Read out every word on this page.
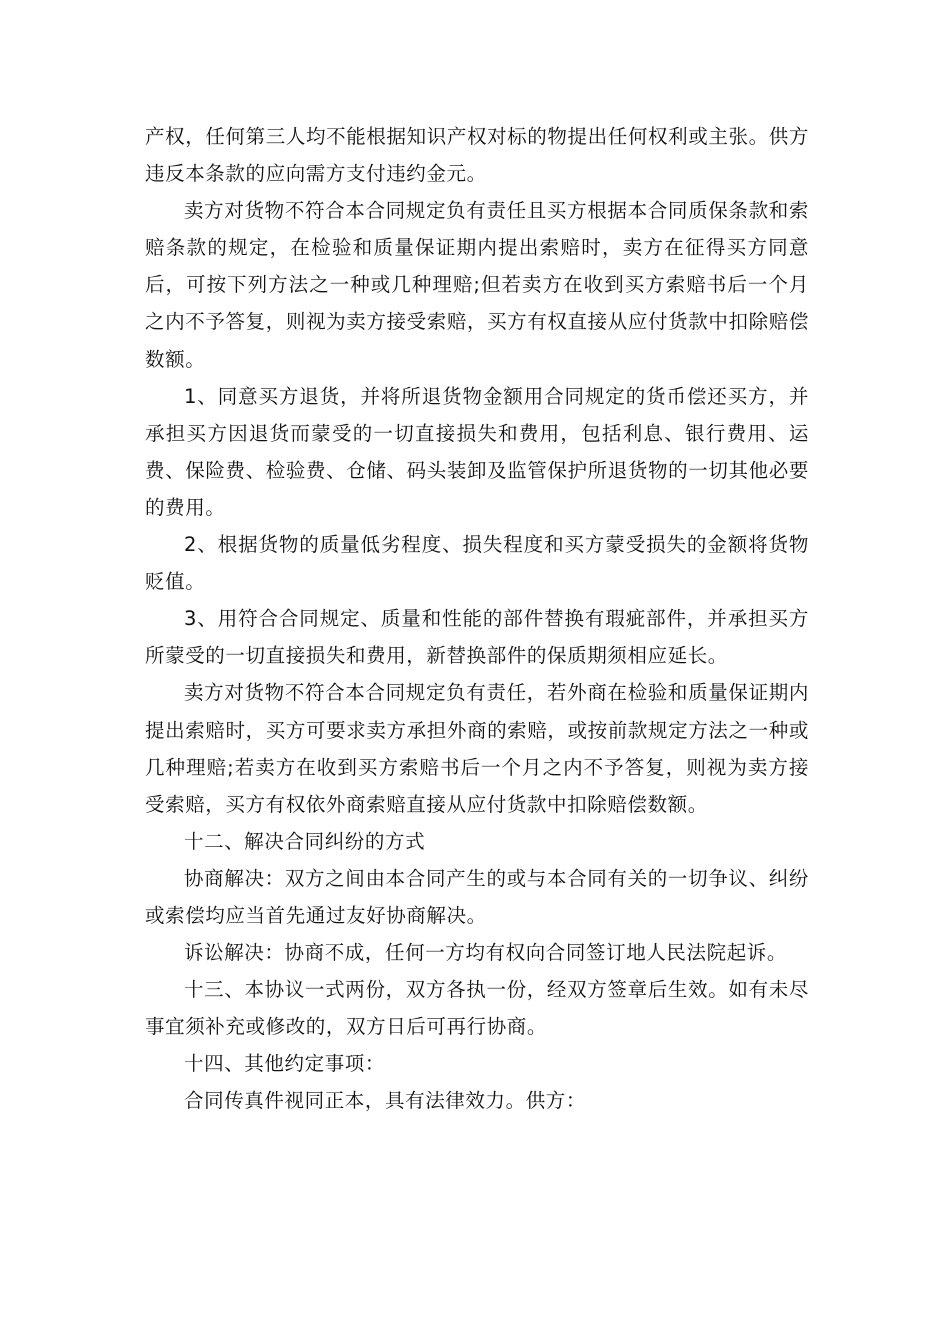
产权，任何第三人均不能根据知识产权对标的物提出任何权利或主张。供方违反本条款的应向需方支付违约金元。

卖方对货物不符合本合同规定负有责任且买方根据本合同质保条款和索赔条款的规定，在检验和质量保证期内提出索赔时，卖方在征得买方同意后，可按下列方法之一种或几种理赔;但若卖方在收到买方索赔书后一个月之内不予答复，则视为卖方接受索赔，买方有权直接从应付货款中扣除赔偿数额。

1、同意买方退货，并将所退货物金额用合同规定的货币偿还买方，并承担买方因退货而蒙受的一切直接损失和费用，包括利息、银行费用、运费、保险费、检验费、仓储、码头装卸及监管保护所退货物的一切其他必要的费用。

2、根据货物的质量低劣程度、损失程度和买方蒙受损失的金额将货物贬值。

3、用符合合同规定、质量和性能的部件替换有瑕疵部件，并承担买方所蒙受的一切直接损失和费用，新替换部件的保质期须相应延长。

卖方对货物不符合本合同规定负有责任，若外商在检验和质量保证期内提出索赔时，买方可要求卖方承担外商的索赔，或按前款规定方法之一种或几种理赔;若卖方在收到买方索赔书后一个月之内不予答复，则视为卖方接受索赔，买方有权依外商索赔直接从应付货款中扣除赔偿数额。

十二、解决合同纠纷的方式

协商解决：双方之间由本合同产生的或与本合同有关的一切争议、纠纷或索偿均应当首先通过友好协商解决。

诉讼解决：协商不成，任何一方均有权向合同签订地人民法院起诉。

十三、本协议一式两份，双方各执一份，经双方签章后生效。如有未尽事宜须补充或修改的，双方日后可再行协商。

十四、其他约定事项：

合同传真件视同正本，具有法律效力。供方：
